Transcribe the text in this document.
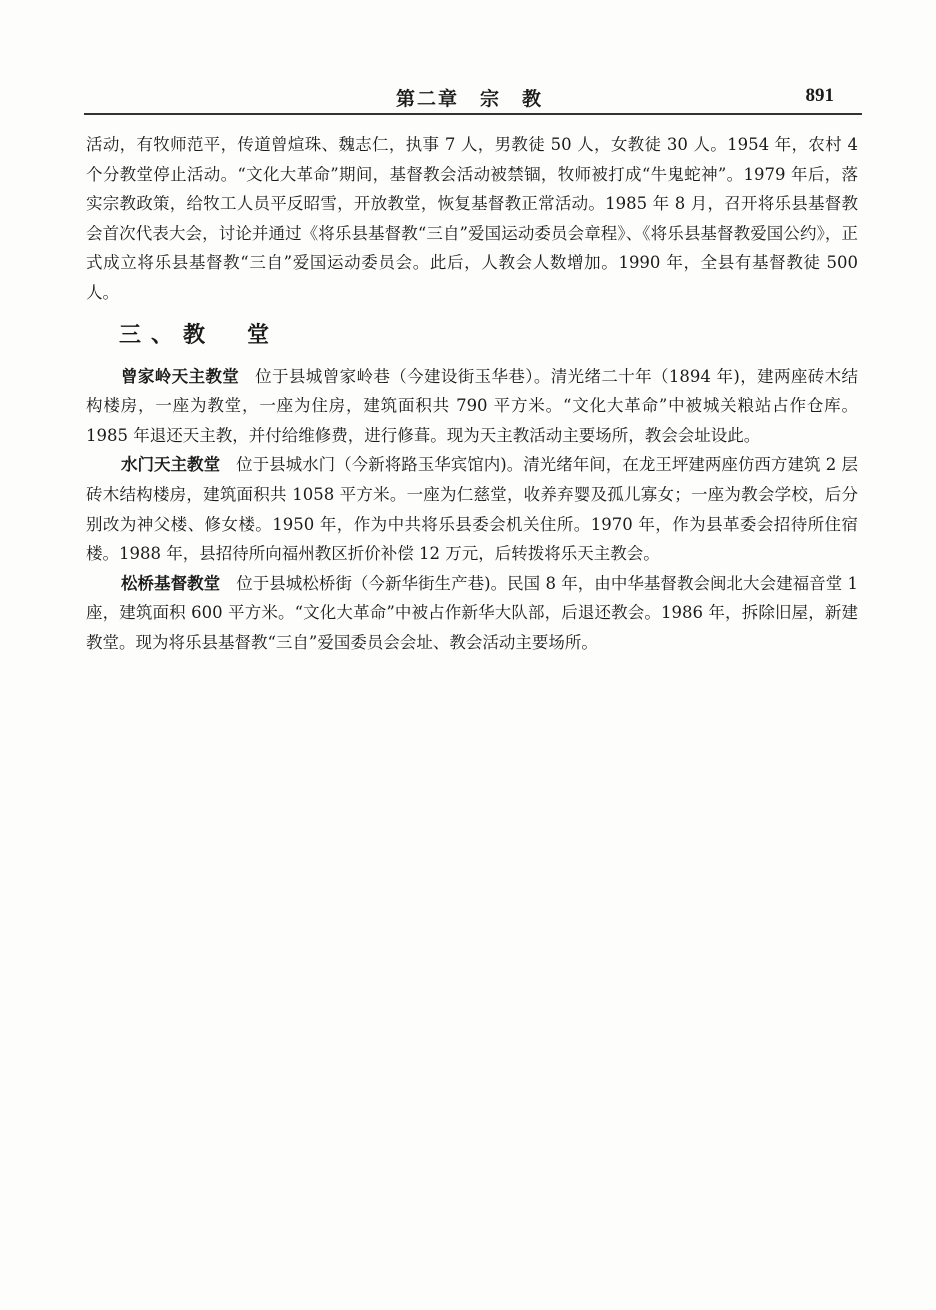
第二章　宗　教	891

活动，有牧师范平，传道曾煊珠、魏志仁，执事 7 人，男教徒 50 人，女教徒 30 人。1954 年，农村 4 个分教堂停止活动。“文化大革命”期间，基督教会活动被禁锢，牧师被打成“牛鬼蛇神”。1979 年后，落实宗教政策，给牧工人员平反昭雪，开放教堂，恢复基督教正常活动。1985 年 8 月，召开将乐县基督教会首次代表大会，讨论并通过《将乐县基督教“三自”爱国运动委员会章程》、《将乐县基督教爱国公约》，正式成立将乐县基督教“三自”爱国运动委员会。此后，人教会人数增加。1990 年，全县有基督教徒 500 人。

三、教　堂

曾家岭天主教堂 位于县城曾家岭巷（今建设街玉华巷）。清光绪二十年（1894 年)，建两座砖木结构楼房，一座为教堂，一座为住房，建筑面积共 790 平方米。“文化大革命”中被城关粮站占作仓库。1985 年退还天主教，并付给维修费，进行修葺。现为天主教活动主要场所，教会会址设此。

水门天主教堂 位于县城水门（今新将路玉华宾馆内)。清光绪年间，在龙王坪建两座仿西方建筑 2 层砖木结构楼房，建筑面积共 1058 平方米。一座为仁慈堂，收养弃婴及孤儿寡女；一座为教会学校，后分别改为神父楼、修女楼。1950 年，作为中共将乐县委会机关住所。1970 年，作为县革委会招待所住宿楼。1988 年，县招待所向福州教区折价补偿 12 万元，后转拨将乐天主教会。

松桥基督教堂 位于县城松桥街（今新华街生产巷)。民国 8 年，由中华基督教会闽北大会建福音堂 1 座，建筑面积 600 平方米。“文化大革命”中被占作新华大队部，后退还教会。1986 年，拆除旧屋，新建教堂。现为将乐县基督教“三自”爱国委员会会址、教会活动主要场所。
